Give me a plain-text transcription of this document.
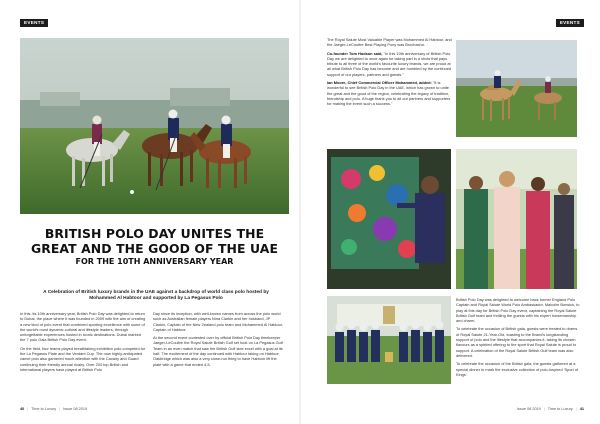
EVENTS
BRITISH POLO DAY UNITES THE GREAT AND THE GOOD OF THE UAE
FOR THE 10TH ANNIVERSARY YEAR
A Celebration of British luxury brands in the UAE against a backdrop of world class polo hosted by Mohammed Al Habtoor and supported by La Pegasus Polo

In this, its 10th anniversary year, British Polo Day was delighted to return to Dubai, the place where it was founded in 2009 with the aim of creating a new kind of polo event that combined sporting excellence with some of the world's most dynamic cultural and lifestyle leaders, through unforgettable experiences hosted in iconic destinations. Dubai marked the 7 polo Gala British Polo Day event.

On the field, four teams played breathtaking exhibition polo competed for the La Pegasus Plate and the Verdant Cup. The now highly-anticipated camel polo also garnered much attention with the Cavalry and Guard continuing their friendly annual rivalry. Over 200 top British and international players have played at British Polo

Day since its inception, with well-known names from across the polo world such as Australian female players Nina Clarkin and her husband, JP Clarkin, Captain of the New Zealand polo team and Mohammed Al Habtoor, Captain of Habtoor.

At the second event contested over by official British Polo Day timekeeper Jaeger-LeCoultre the Royal Salute British Gulf set took on La Pegasus Gulf Team in an even match that saw the British Gulf side excel with a goal at its half. The excitement of the day continued with Habtoor taking on Habtoor Oakbridge which was also a very close-run thing to have Habtoor lift the plate with a game that ended 4-5.

40 | Time to Luxury | Issue 08 2019
EVENTS

The Royal Salute Most Valuable Player was Mohammed Al Habtoor, and the Jaeger-LeCoultre Best Playing Pony was Brochacho.

Co-founder Tom Hudson said, "In this 10th anniversary of British Polo Day we are delighted to once again be taking part in a show that pays tribute to all three of the world's favourite luxury brands, we are proud at all what British Polo Day has become and are humbled by the continued support of our players, partners and guests."

Ian Moore, Chief Commercial Officer Mohammed, added: "It is wonderful to see British Polo Day in the UAE, which has grown to unite the great and the good of the region, celebrating the legacy of tradition, friendship and polo. A huge thank you to all our partners and supporters for making the event such a success."

British Polo Day was delighted to welcome back former England Polo Captain and Royal Salute World Polo Ambassador, Malcolm Borwick, to play at this day for British Polo Day event, captaining the Royal Salute British Gulf team and thrilling the guests with his expert horsemanship and charm.

To celebrate the occasion of British gala, guests were treated to drams of Royal Salute 21-Year-Old, toasting to the Brand's longstanding support of polo and the lifestyle that accompanies it, taking its chosen flavours as a spirited offering to the sport that Royal Salute is proud to support. A celebration of the Royal Salute British Gulf team was also delivered.

To celebrate the occasion of the British gala, the guests gathered at a special dinner to mark the exclusive collection of polo-inspired 'Sport of Kings'.

Issue 08 2019 | Time to Luxury | 41
